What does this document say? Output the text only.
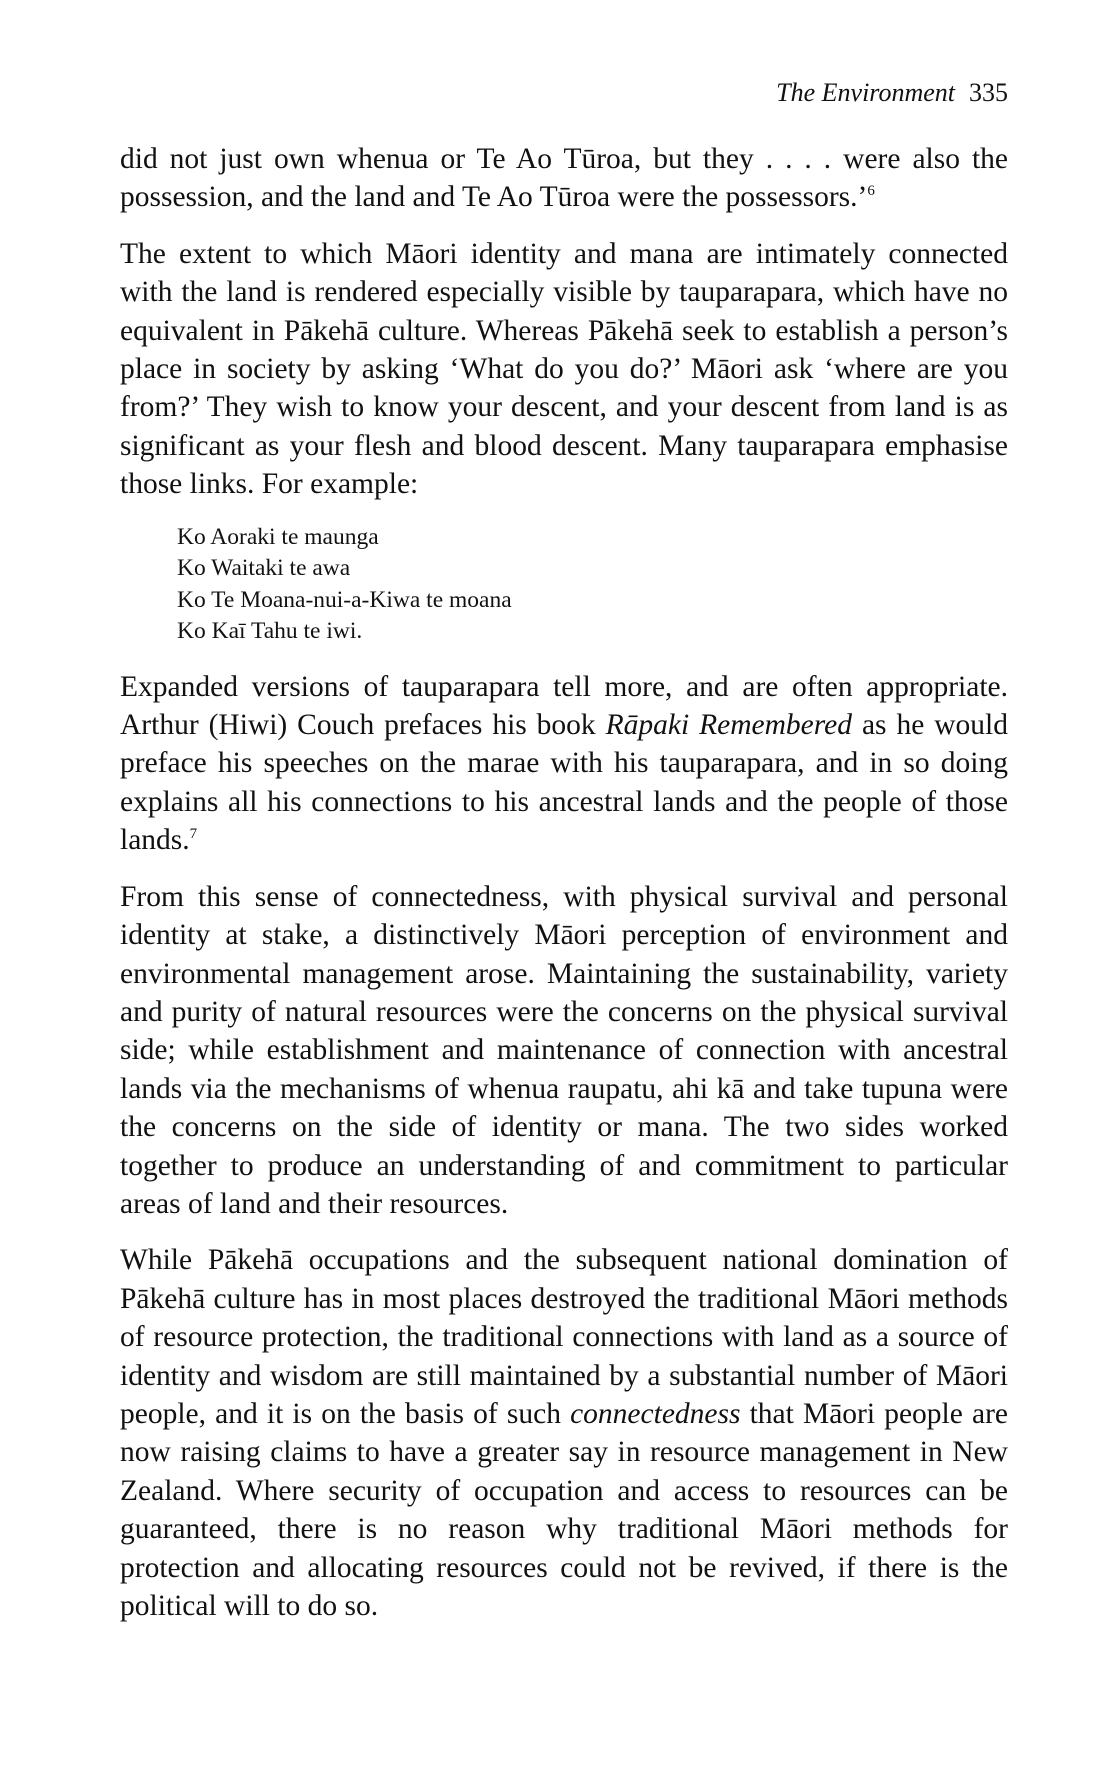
The Environment 335

did not just own whenua or Te Ao Tūroa, but they . . . . were also the possession, and the land and Te Ao Tūroa were the possessors.’$^6$

The extent to which Māori identity and mana are intimately connected with the land is rendered especially visible by tauparapara, which have no equivalent in Pākehā culture. Whereas Pākehā seek to establish a person’s place in society by asking ‘What do you do?’ Māori ask ‘where are you from?’ They wish to know your descent, and your descent from land is as significant as your flesh and blood descent. Many tauparapara emphasise those links. For example:

Ko Aoraki te maunga
Ko Waitaki te awa
Ko Te Moana-nui-a-Kiwa te moana
Ko Kaī Tahu te iwi.

Expanded versions of tauparapara tell more, and are often appropriate. Arthur (Hiwi) Couch prefaces his book Rāpaki Remembered as he would preface his speeches on the marae with his tauparapara, and in so doing explains all his connections to his ancestral lands and the people of those lands.$^7$

From this sense of connectedness, with physical survival and personal identity at stake, a distinctively Māori perception of environment and environmental management arose. Maintaining the sustainability, variety and purity of natural resources were the concerns on the physical survival side; while establishment and maintenance of connection with ancestral lands via the mechanisms of whenua raupatu, ahi kā and take tupuna were the concerns on the side of identity or mana. The two sides worked together to produce an understanding of and commitment to particular areas of land and their resources.

While Pākehā occupations and the subsequent national domination of Pākehā culture has in most places destroyed the traditional Māori methods of resource protection, the traditional connections with land as a source of identity and wisdom are still maintained by a substantial number of Māori people, and it is on the basis of such connectedness that Māori people are now raising claims to have a greater say in resource management in New Zealand. Where security of occupation and access to resources can be guaranteed, there is no reason why traditional Māori methods for protection and allocating resources could not be revived, if there is the political will to do so.
